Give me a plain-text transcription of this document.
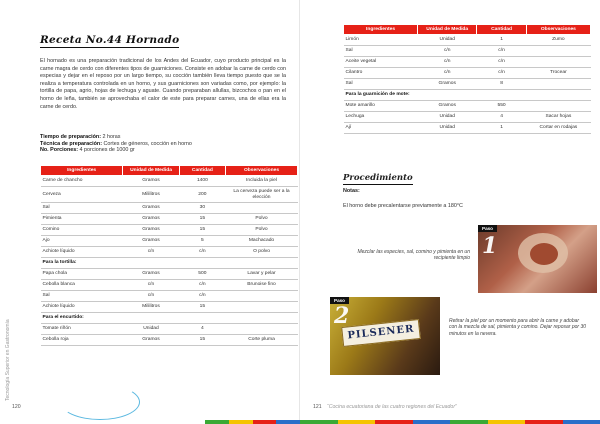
Tecnología Superior en Gastronomía
Receta No.44 Hornado

El hornado es una preparación tradicional de los Andes del Ecuador, cuyo producto principal es la carne magra de cerdo con diferentes tipos de guarniciones. Consiste en adobar la carne de cerdo con especias y dejar en el reposo por un largo tiempo, su cocción también lleva tiempo puesto que se la realiza a temperatura controlada en un horno, y sus guarniciones son variadas como, por ejemplo: la tortilla de papa, agrio, hojas de lechuga y aguate. Cuando preparaban allullas, bizcochos o pan en el horno de leña, también se aprovechaba el calor de este para preparar carnes, una de ellas era la carne de cerdo.

Tiempo de preparación: 2 horas
Técnica de preparación: Cortes de géneros, cocción en horno
No. Porciones: 4 porciones de 1000 gr
Ingredientes	Unidad de Medida	Cantidad	Observaciones
Carne de chancho	Gramos	1400	Incluida la piel
Cerveza	Mililitros	200	La cerveza puede ser a la elección
Sal	Gramos	30	
Pimienta	Gramos	15	Polvo
Comino	Gramos	15	Polvo
Ajo	Gramos	5	Machacado
Achiote líquido	c/n	c/n	O polvo
Para la tortilla:			
Papa chola	Gramos	500	Lavar y pelar
Cebolla blanca	c/n	c/n	Brunoise fino
Sal	c/n	c/n	
Achiote líquido	Mililitros	15	
Para el encurtido:			
Tomate riñón	Unidad	4	
Cebolla roja	Gramos	15	Corte pluma
120
Ingredientes	Unidad de Medida	Cantidad	Observaciones
Limón	Unidad	1	Zumo
Sal	c/n	c/n	
Aceite vegetal	c/n	c/n	
Cilantro	c/n	c/n	Trocear
Sal	Gramos	8	
Para la guarnición de mote:			
Mote amarillo	Gramos	550	
Lechuga	Unidad	4	Sacar hojas
Ají	Unidad	1	Cortar en rodajas
Procedimiento
Notas:
El horno debe precalentarse previamente a 180°C
Mezclar las especies, sal, comino y pimienta en un recipiente limpio
Paso
1
Paso
2
PILSENER
Retirar la piel por un momento para abrir la carne y adobar con la mezcla de sal, pimienta y comino. Dejar reposar por 30 minutos en la nevera.
121 “Cocina ecuatoriana de las cuatro regiones del Ecuador”
